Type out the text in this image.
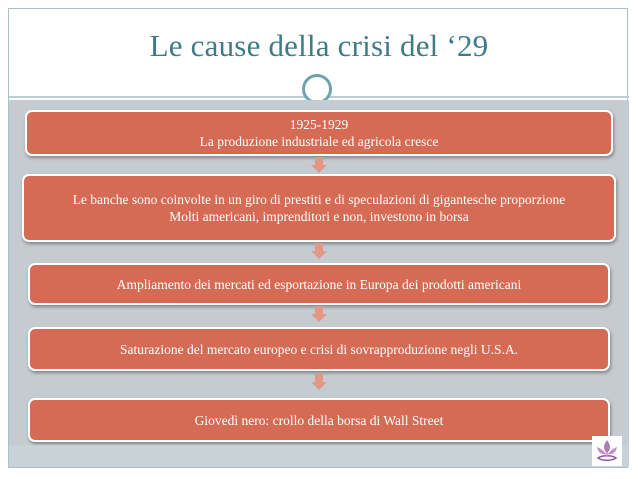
Le cause della crisi del ‘29
1925-1929
La produzione industriale ed agricola cresce
Le banche sono coinvolte in un giro di prestiti e di speculazioni di gigantesche proporzione
Molti americani, imprenditori e non, investono in borsa
Ampliamento dei mercati ed esportazione in Europa dei prodotti americani
Saturazione del mercato europeo e crisi di sovrapproduzione negli U.S.A.
Giovedì nero: crollo della borsa di Wall Street
